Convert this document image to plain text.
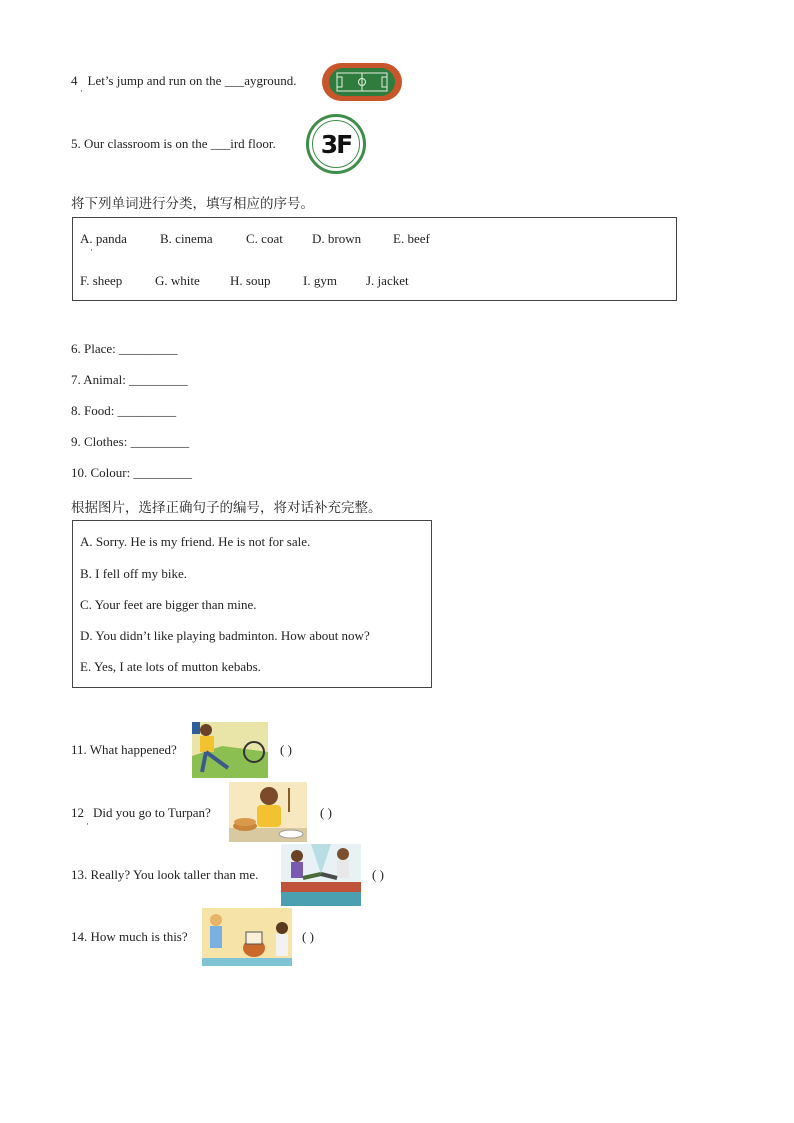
4 Let’s jump and run on the ___ayground.
·
5. Our classroom is on the ___ird floor.	3F
将下列单词进行分类，填写相应的序号。
A. panda	B. cinema	C. coat D. brown E. beef
·
F. sheep	G. white H. soup	I. gym J. jacket
6. Place: _________
7. Animal: _________
8. Food: _________
9. Clothes: _________
10. Colour: _________
根据图片，选择正确句子的编号，将对话补充完整。
A. Sorry. He is my friend. He is not for sale.
B. I fell off my bike.
C. Your feet are bigger than mine.
D. You didn’t like playing badminton. How about now?
E. Yes, I ate lots of mutton kebabs.
11. What happened?	( )
12 Did you go to Turpan?
·
( )
13. Really? You look taller than me.	( )
14. How much is this?	( )
